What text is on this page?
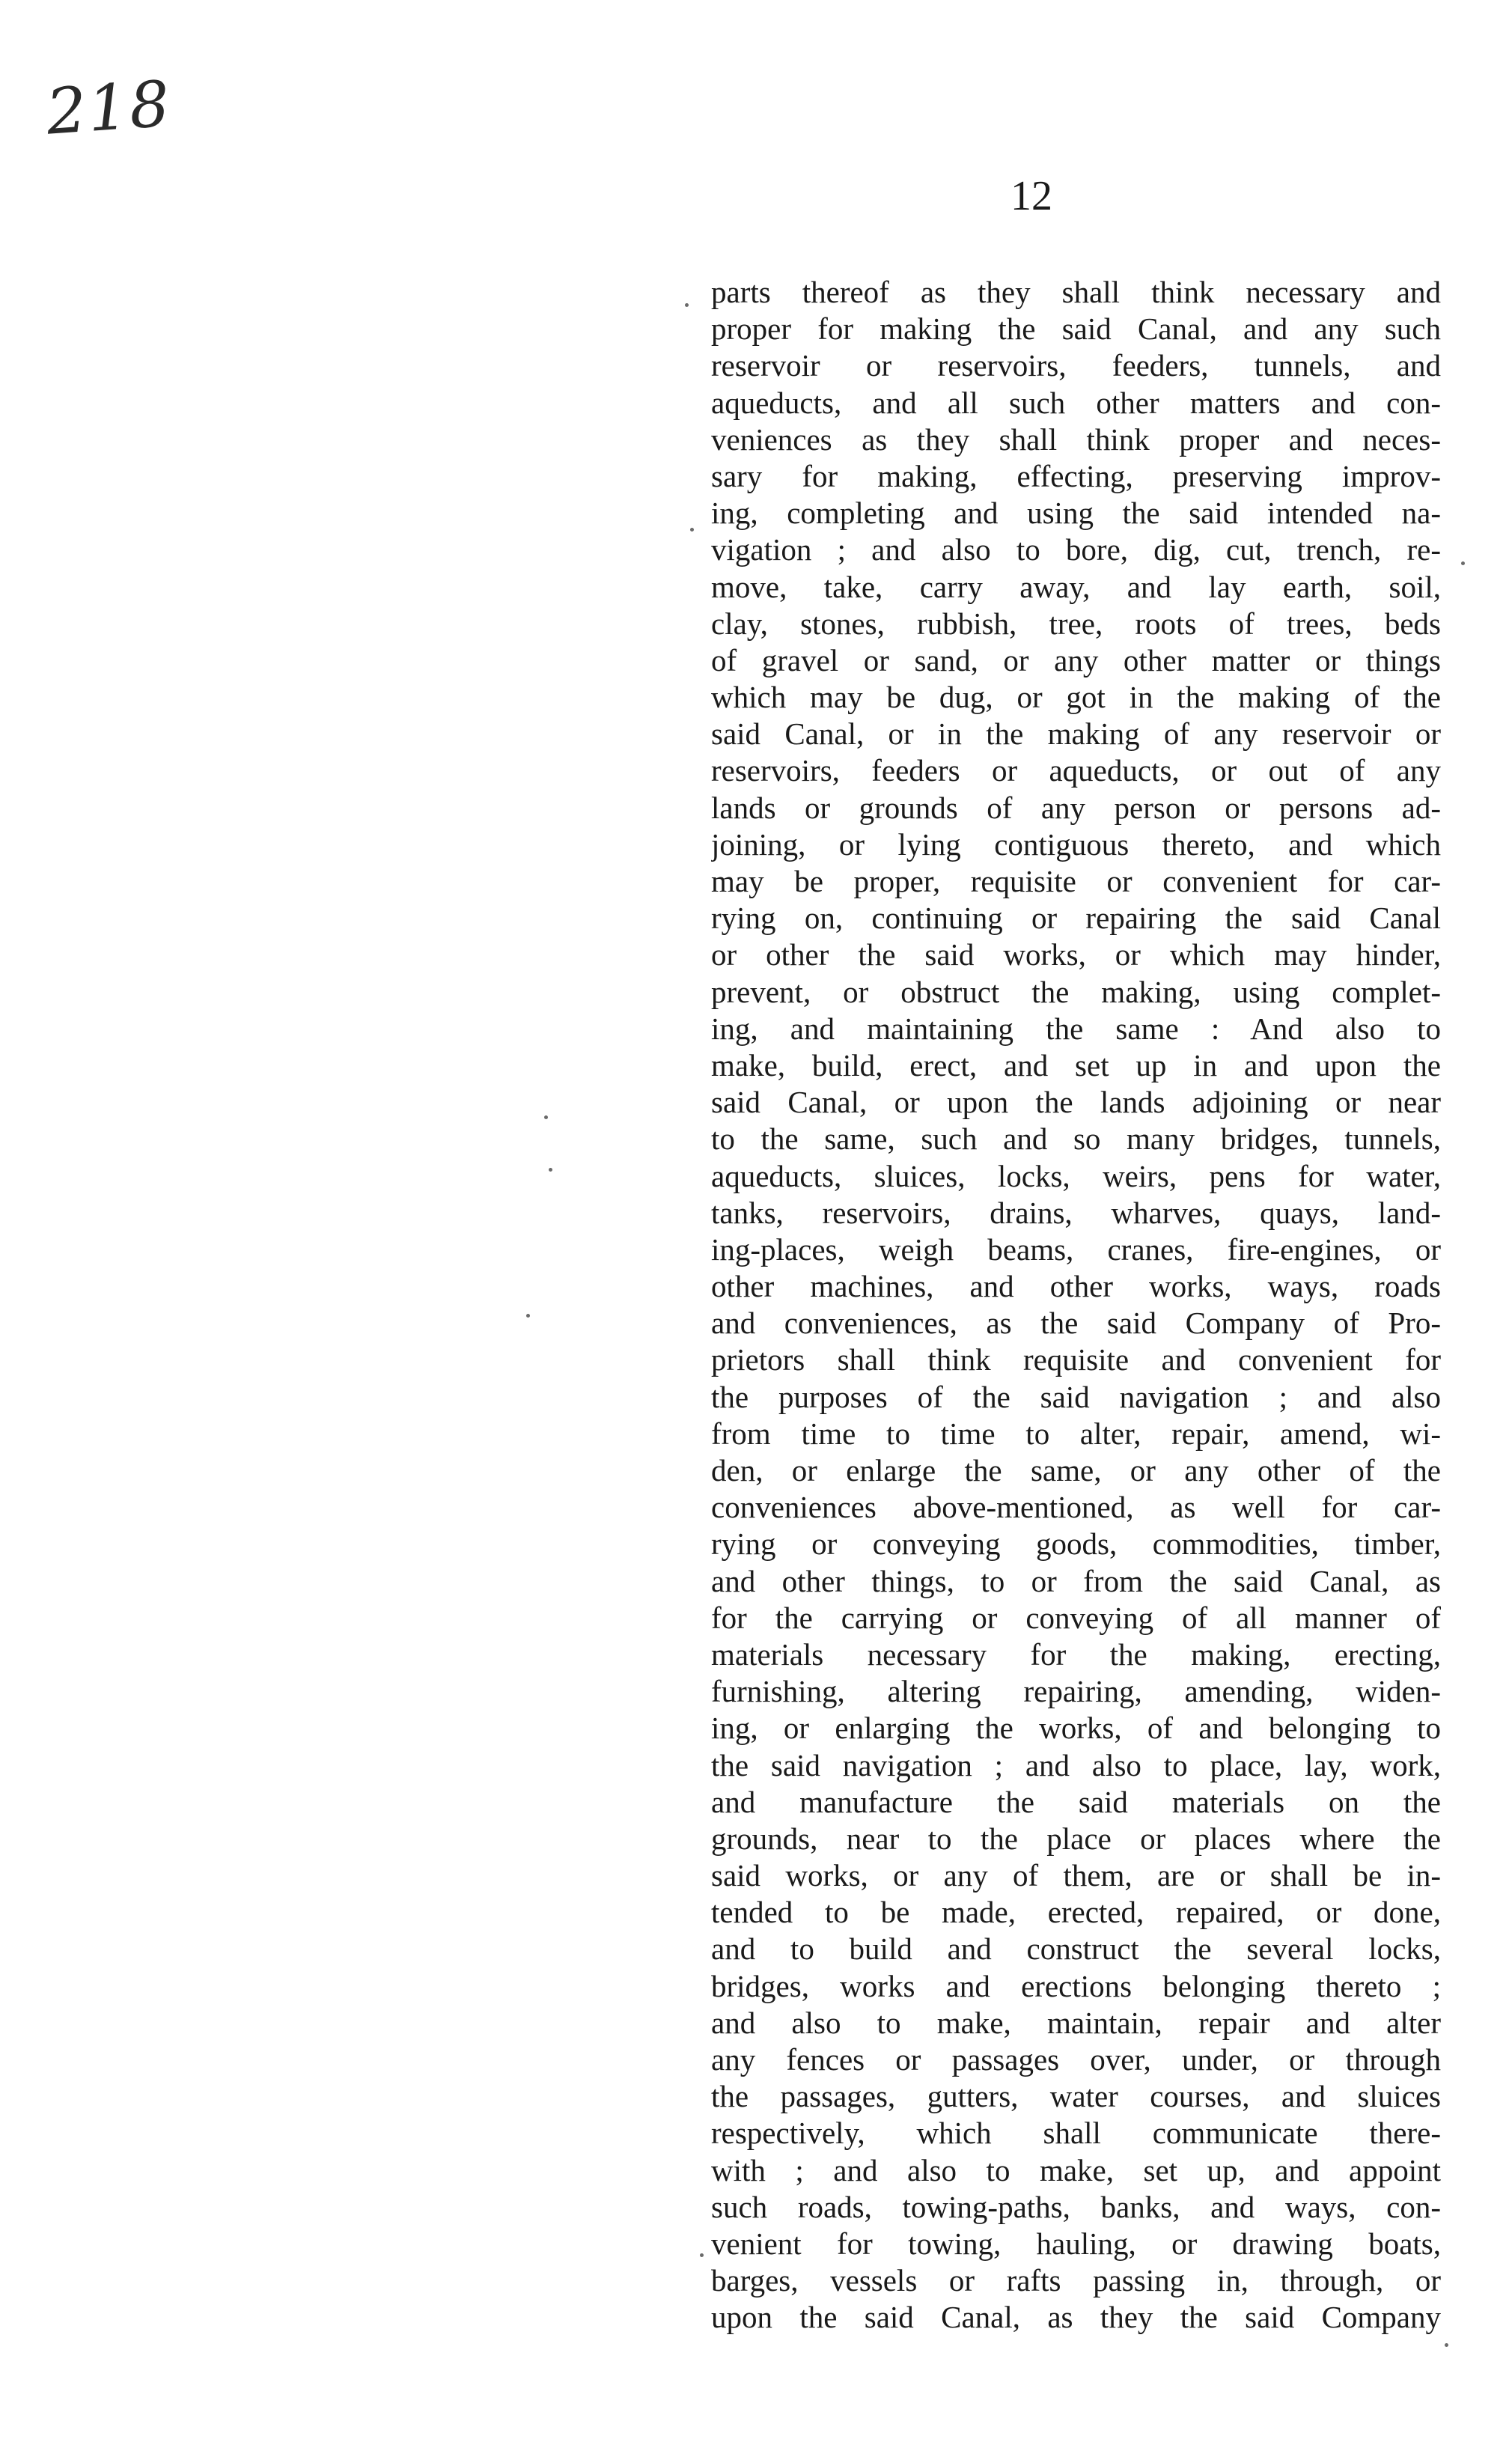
218
12
parts thereof as they shall think necessary and
proper for making the said Canal, and any such
reservoir or reservoirs, feeders, tunnels, and
aqueducts, and all such other matters and con-
veniences as they shall think proper and neces-
sary for making, effecting, preserving improv-
ing, completing and using the said intended na-
vigation ; and also to bore, dig, cut, trench, re-
move, take, carry away, and lay earth, soil,
clay, stones, rubbish, tree, roots of trees, beds
of gravel or sand, or any other matter or things
which may be dug, or got in the making of the
said Canal, or in the making of any reservoir or
reservoirs, feeders or aqueducts, or out of any
lands or grounds of any person or persons ad-
joining, or lying contiguous thereto, and which
may be proper, requisite or convenient for car-
rying on, continuing or repairing the said Canal
or other the said works, or which may hinder,
prevent, or obstruct the making, using complet-
ing, and maintaining the same : And also to
make, build, erect, and set up in and upon the
said Canal, or upon the lands adjoining or near
to the same, such and so many bridges, tunnels,
aqueducts, sluices, locks, weirs, pens for water,
tanks, reservoirs, drains, wharves, quays, land-
ing-places, weigh beams, cranes, fire-engines, or
other machines, and other works, ways, roads
and conveniences, as the said Company of Pro-
prietors shall think requisite and convenient for
the purposes of the said navigation ; and also
from time to time to alter, repair, amend, wi-
den, or enlarge the same, or any other of the
conveniences above-mentioned, as well for car-
rying or conveying goods, commodities, timber,
and other things, to or from the said Canal, as
for the carrying or conveying of all manner of
materials necessary for the making, erecting,
furnishing, altering repairing, amending, widen-
ing, or enlarging the works, of and belonging to
the said navigation ; and also to place, lay, work,
and manufacture the said materials on the
grounds, near to the place or places where the
said works, or any of them, are or shall be in-
tended to be made, erected, repaired, or done,
and to build and construct the several locks,
bridges, works and erections belonging thereto ;
and also to make, maintain, repair and alter
any fences or passages over, under, or through
the passages, gutters, water courses, and sluices
respectively, which shall communicate there-
with ; and also to make, set up, and appoint
such roads, towing-paths, banks, and ways, con-
venient for towing, hauling, or drawing boats,
barges, vessels or rafts passing in, through, or
upon the said Canal, as they the said Company
